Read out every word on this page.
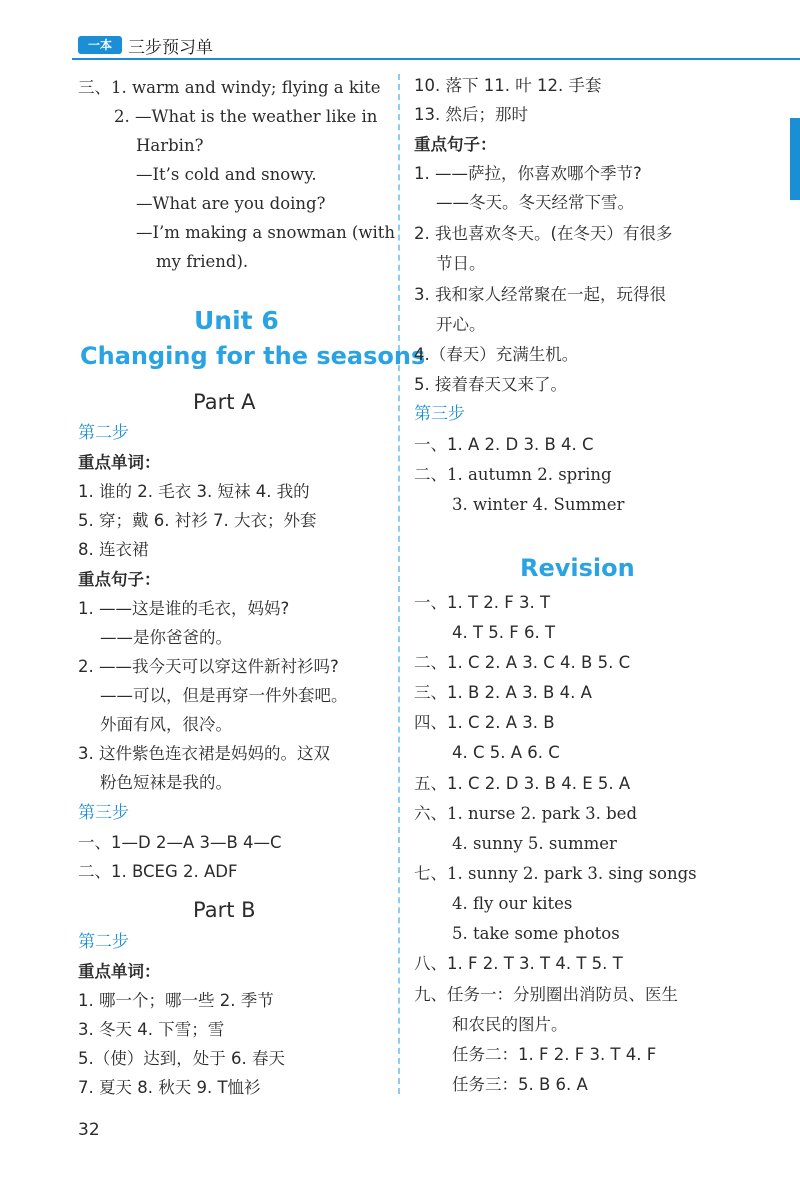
一本 三步预习单
三、1. warm and windy; flying a kite
2. —What is the weather like in
Harbin?
—It’s cold and snowy.
—What are you doing?
—I’m making a snowman (with
my friend).
Unit 6
Changing for the seasons
Part A
第二步
重点单词：
1. 谁的 2. 毛衣 3. 短袜 4. 我的
5. 穿；戴 6. 衬衫 7. 大衣；外套
8. 连衣裙
重点句子：
1. ——这是谁的毛衣，妈妈?
——是你爸爸的。
2. ——我今天可以穿这件新衬衫吗?
——可以，但是再穿一件外套吧。
外面有风，很冷。
3. 这件紫色连衣裙是妈妈的。这双
粉色短袜是我的。
第三步
一、1—D 2—A 3—B 4—C
二、1. BCEG 2. ADF
Part B
第二步
重点单词：
1. 哪一个；哪一些 2. 季节
3. 冬天 4. 下雪；雪
5.（使）达到，处于 6. 春天
7. 夏天 8. 秋天 9. T恤衫
10. 落下 11. 叶 12. 手套
13. 然后；那时
重点句子：
1. ——萨拉，你喜欢哪个季节?
——冬天。冬天经常下雪。
2. 我也喜欢冬天。(在冬天）有很多
节日。
3. 我和家人经常聚在一起，玩得很
开心。
4.（春天）充满生机。
5. 接着春天又来了。
第三步
一、1. A 2. D 3. B 4. C
二、1. autumn 2. spring
3. winter 4. Summer
Revision
一、1. T 2. F 3. T
4. T 5. F 6. T
二、1. C 2. A 3. C 4. B 5. C
三、1. B 2. A 3. B 4. A
四、1. C 2. A 3. B
4. C 5. A 6. C
五、1. C 2. D 3. B 4. E 5. A
六、1. nurse 2. park 3. bed
4. sunny 5. summer
七、1. sunny 2. park 3. sing songs
4. fly our kites
5. take some photos
八、1. F 2. T 3. T 4. T 5. T
九、任务一：分别圈出消防员、医生
和农民的图片。
任务二：1. F 2. F 3. T 4. F
任务三：5. B 6. A
32
